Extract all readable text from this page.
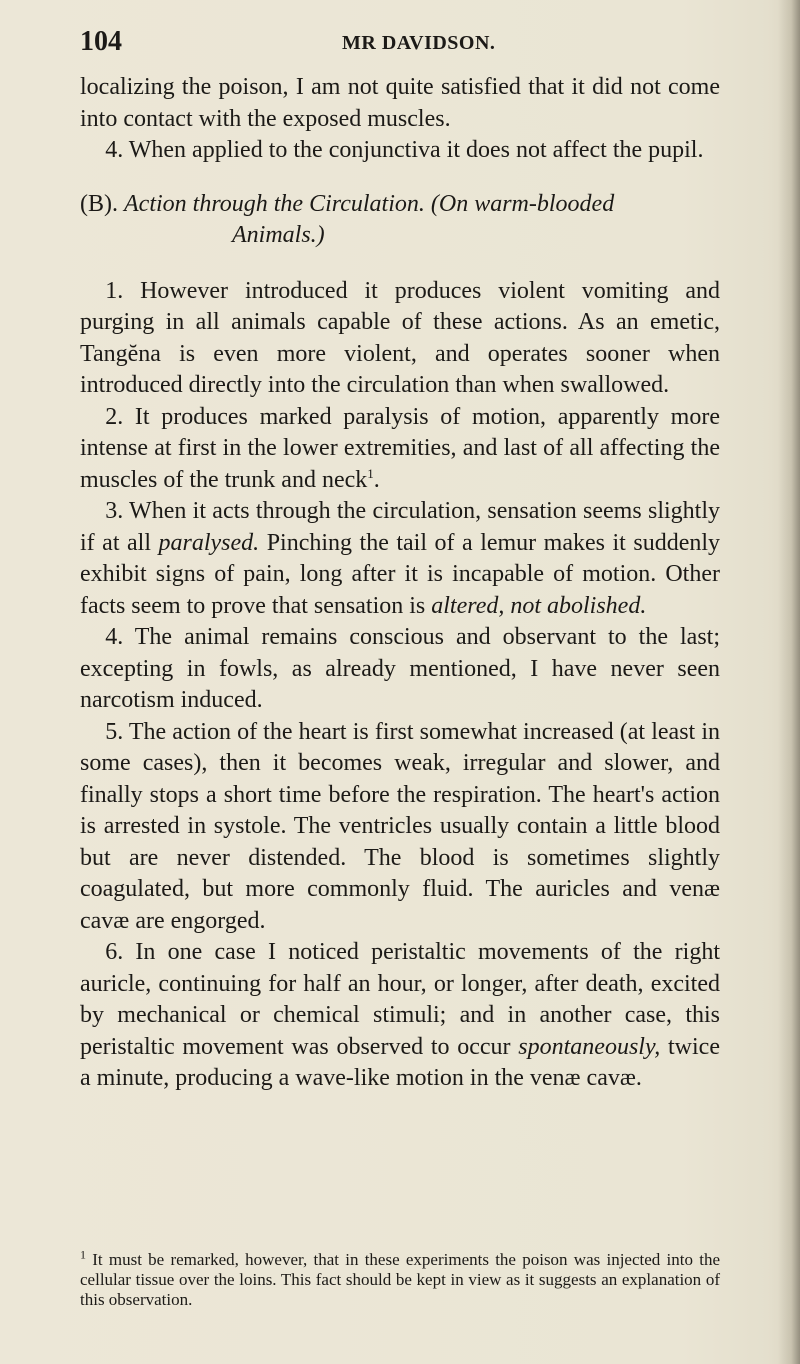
104	MR DAVIDSON.

localizing the poison, I am not quite satisfied that it did not come into contact with the exposed muscles.

4. When applied to the conjunctiva it does not affect the pupil.

(B). Action through the Circulation. (On warm-blooded
Animals.)

1. However introduced it produces violent vomiting and purging in all animals capable of these actions. As an emetic, Tangĕna is even more violent, and operates sooner when introduced directly into the circulation than when swallowed.

2. It produces marked paralysis of motion, apparently more intense at first in the lower extremities, and last of all affecting the muscles of the trunk and neck$^1$.

3. When it acts through the circulation, sensation seems slightly if at all paralysed. Pinching the tail of a lemur makes it suddenly exhibit signs of pain, long after it is incapable of motion. Other facts seem to prove that sensation is altered, not abolished.

4. The animal remains conscious and observant to the last; excepting in fowls, as already mentioned, I have never seen narcotism induced.

5. The action of the heart is first somewhat increased (at least in some cases), then it becomes weak, irregular and slower, and finally stops a short time before the respiration. The heart's action is arrested in systole. The ventricles usually contain a little blood but are never distended. The blood is sometimes slightly coagulated, but more commonly fluid. The auricles and venæ cavæ are engorged.

6. In one case I noticed peristaltic movements of the right auricle, continuing for half an hour, or longer, after death, excited by mechanical or chemical stimuli; and in another case, this peristaltic movement was observed to occur spontaneously, twice a minute, producing a wave-like motion in the venæ cavæ.

$^1$ It must be remarked, however, that in these experiments the poison was injected into the cellular tissue over the loins. This fact should be kept in view as it suggests an explanation of this observation.
